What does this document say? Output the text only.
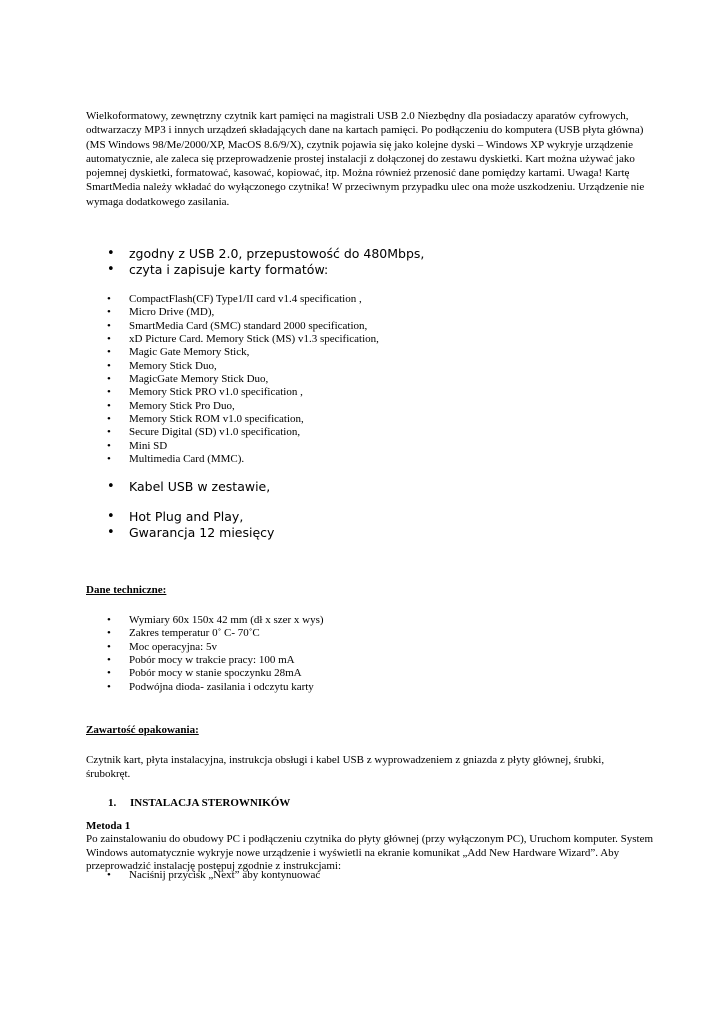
Wielkoformatowy, zewnętrzny czytnik kart pamięci na magistrali USB 2.0 Niezbędny dla posiadaczy aparatów cyfrowych, odtwarzaczy MP3 i innych urządzeń składających dane na kartach pamięci. Po podłączeniu do komputera (USB płyta główna) (MS Windows 98/Me/2000/XP, MacOS 8.6/9/X), czytnik pojawia się jako kolejne dyski – Windows XP wykryje urządzenie automatycznie, ale zaleca się przeprowadzenie prostej instalacji z dołączonej do zestawu dyskietki. Kart można używać jako pojemnej dyskietki, formatować, kasować, kopiować, itp. Można również przenosić dane pomiędzy kartami. Uwaga! Kartę SmartMedia należy wkładać do wyłączonego czytnika! W przeciwnym przypadku ulec ona może uszkodzeniu. Urządzenie nie wymaga dodatkowego zasilania.

• zgodny z USB 2.0, przepustowość do 480Mbps,
• czyta i zapisuje karty formatów:
• CompactFlash(CF) Type1/II card v1.4 specification ,
• Micro Drive (MD),
• SmartMedia Card (SMC) standard 2000 specification,
• xD Picture Card. Memory Stick (MS) v1.3 specification,
• Magic Gate Memory Stick,
• Memory Stick Duo,
• MagicGate Memory Stick Duo,
• Memory Stick PRO v1.0 specification ,
• Memory Stick Pro Duo,
• Memory Stick ROM v1.0 specification,
• Secure Digital (SD) v1.0 specification,
• Mini SD
• Multimedia Card (MMC).
• Kabel USB w zestawie,
• Hot Plug and Play,
• Gwarancja 12 miesięcy

Dane techniczne:

• Wymiary 60x 150x 42 mm (dł x szer x wys)
• Zakres temperatur 0˚ C- 70˚C
• Moc operacyjna: 5v
• Pobór mocy w trakcie pracy: 100 mA
• Pobór mocy w stanie spoczynku 28mA
• Podwójna dioda- zasilania i odczytu karty

Zawartość opakowania:

Czytnik kart, płyta instalacyjna, instrukcja obsługi i kabel USB z wyprowadzeniem z gniazda z płyty głównej, śrubki, śrubokręt.

1. INSTALACJA STEROWNIKÓW

Metoda 1

Po zainstalowaniu do obudowy PC i podłączeniu czytnika do płyty głównej (przy wyłączonym PC), Uruchom komputer. System Windows automatycznie wykryje nowe urządzenie i wyświetli na ekranie komunikat „Add New Hardware Wizard”. Aby przeprowadzić instalację postępuj zgodnie z instrukcjami:

• Naciśnij przycisk „Next” aby kontynuować
